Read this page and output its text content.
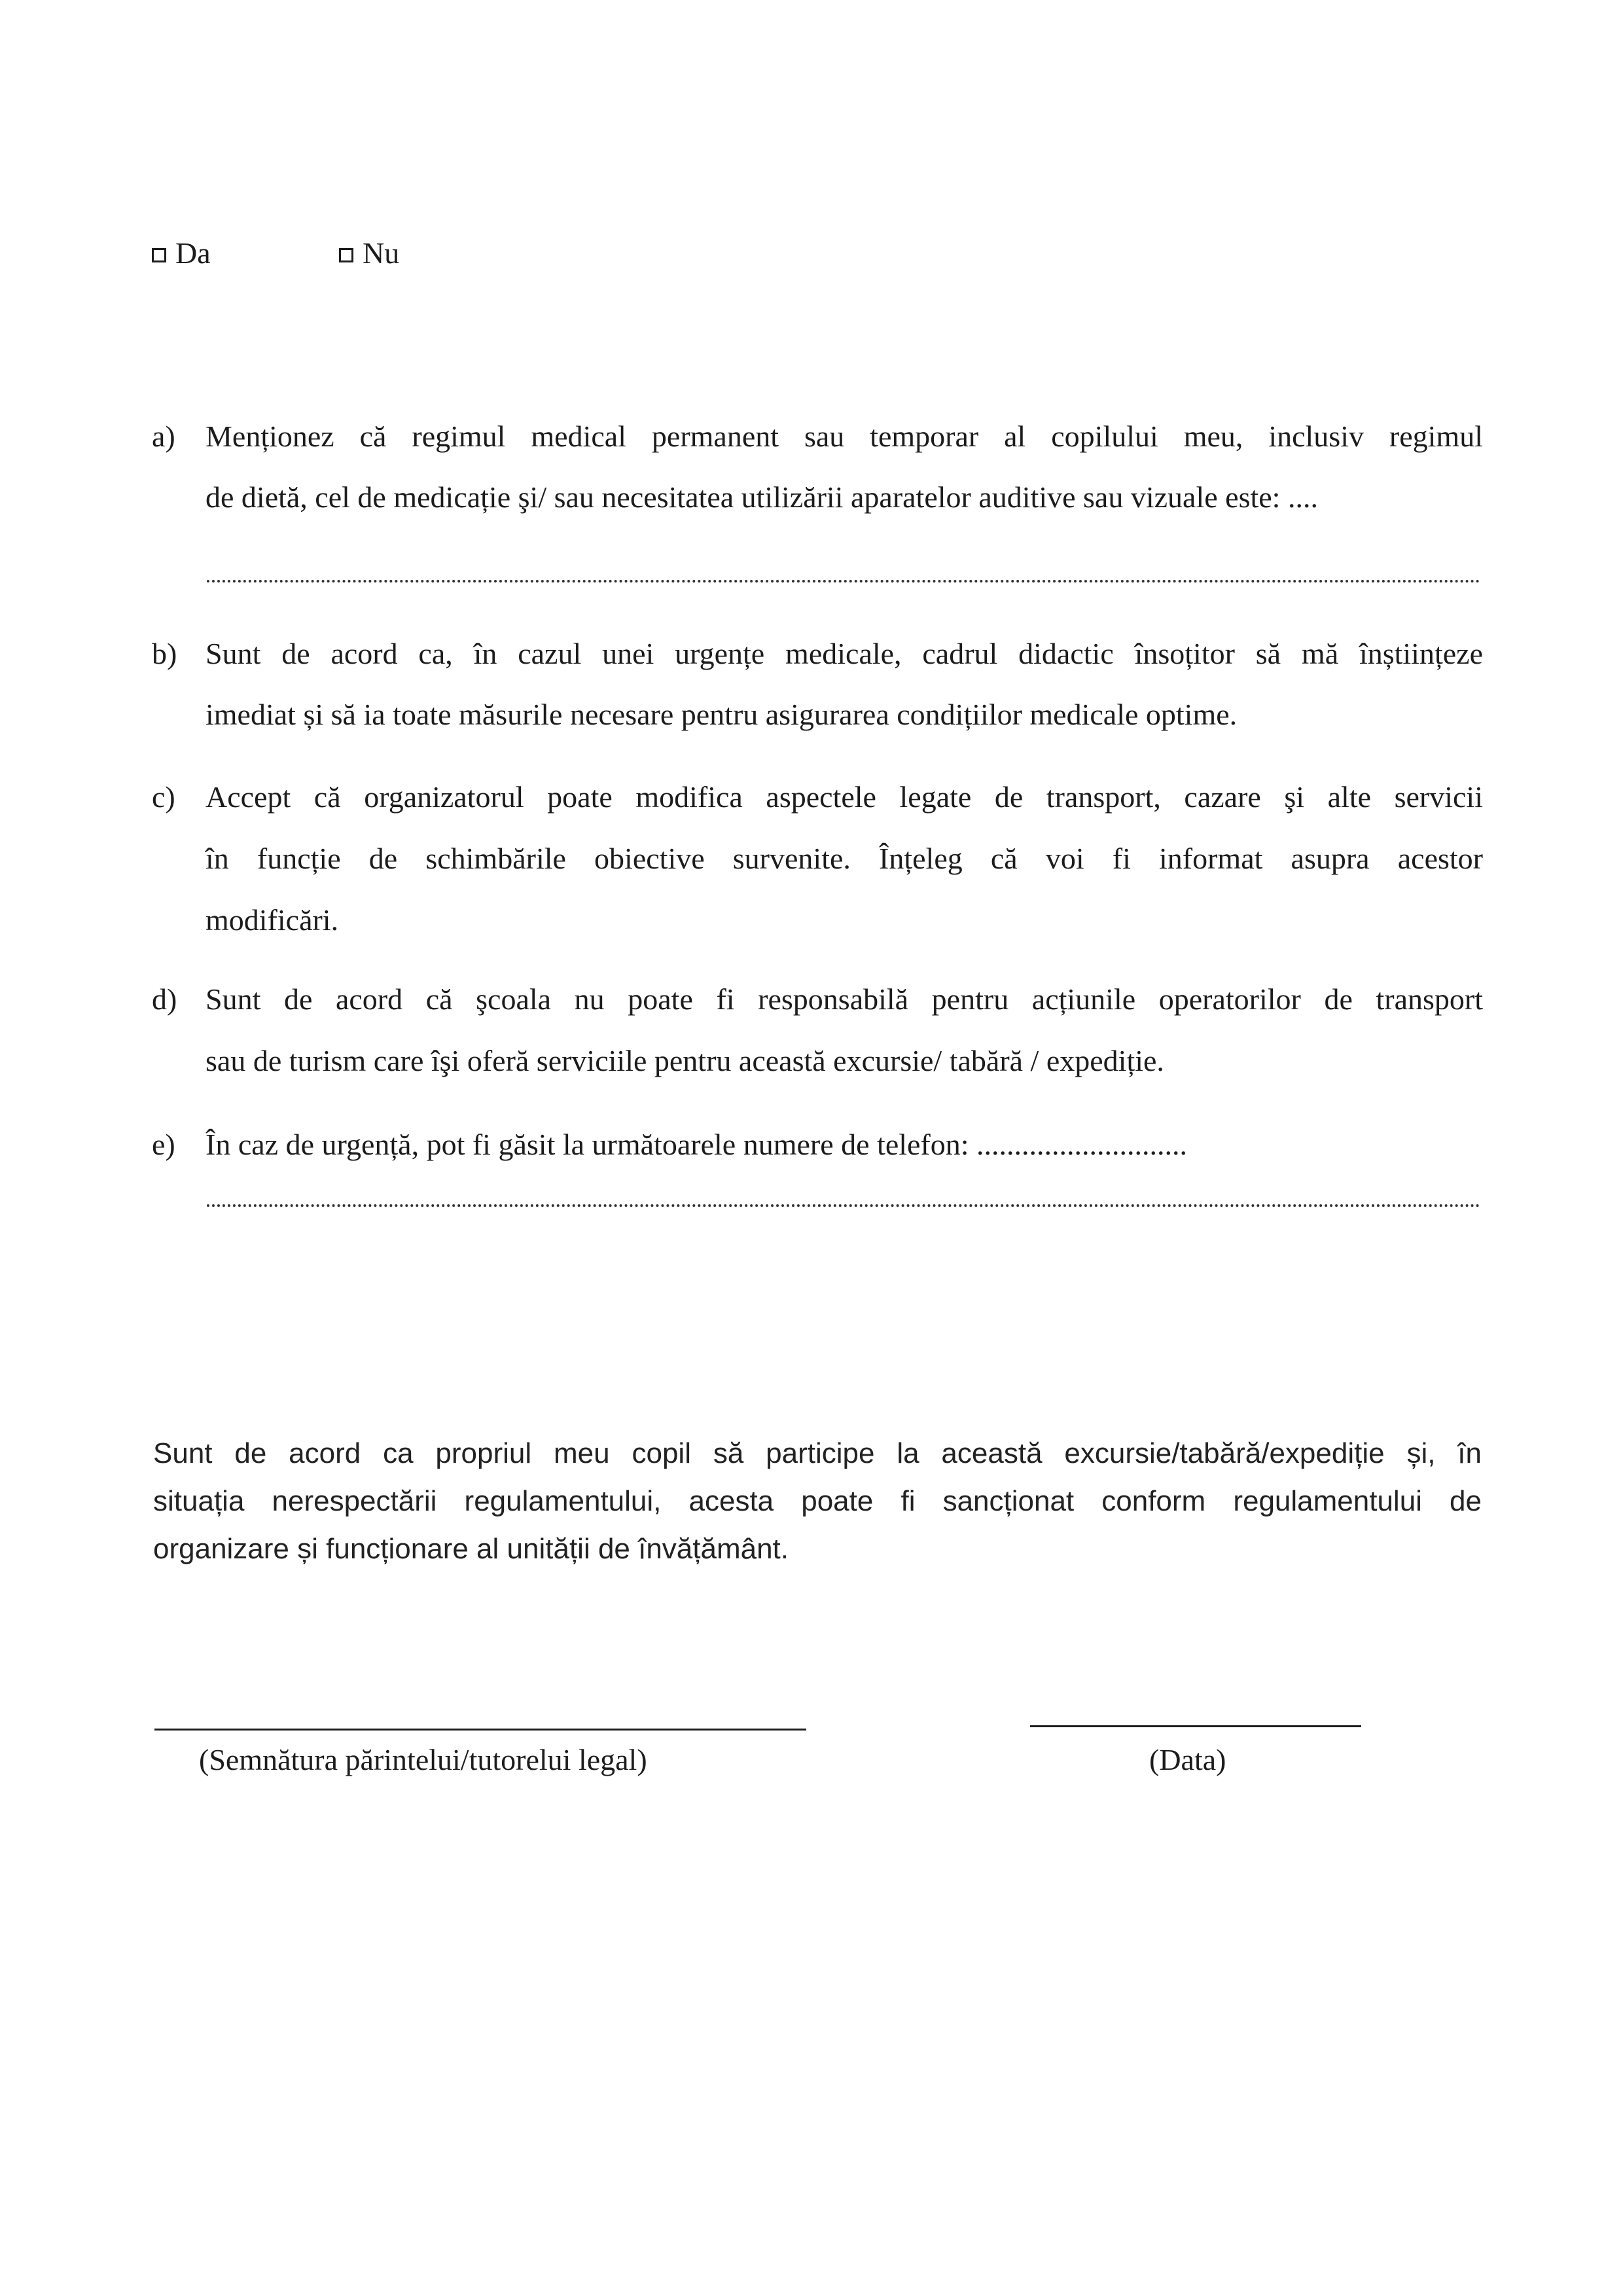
Da	Nu
a) Menționez că regimul medical permanent sau temporar al copilului meu, inclusiv regimul
de dietă, cel de medicație şi/ sau necesitatea utilizării aparatelor auditive sau vizuale este: ....
b) Sunt de acord ca, în cazul unei urgențe medicale, cadrul didactic însoțitor să mă înștiințeze
imediat și să ia toate măsurile necesare pentru asigurarea condițiilor medicale optime.
c) Accept că organizatorul poate modifica aspectele legate de transport, cazare şi alte servicii
în funcție de schimbările obiective survenite. Înțeleg că voi fi informat asupra acestor
modificări.
d) Sunt de acord că şcoala nu poate fi responsabilă pentru acțiunile operatorilor de transport
sau de turism care îşi oferă serviciile pentru această excursie/ tabără / expediție.
e) În caz de urgență, pot fi găsit la următoarele numere de telefon: ............................
Sunt de acord ca propriul meu copil să participe la această excursie/tabără/expediție și, în
situația nerespectării regulamentului, acesta poate fi sancționat conform regulamentului de
organizare și funcționare al unității de învățământ.
(Semnătura părintelui/tutorelui legal)	(Data)
